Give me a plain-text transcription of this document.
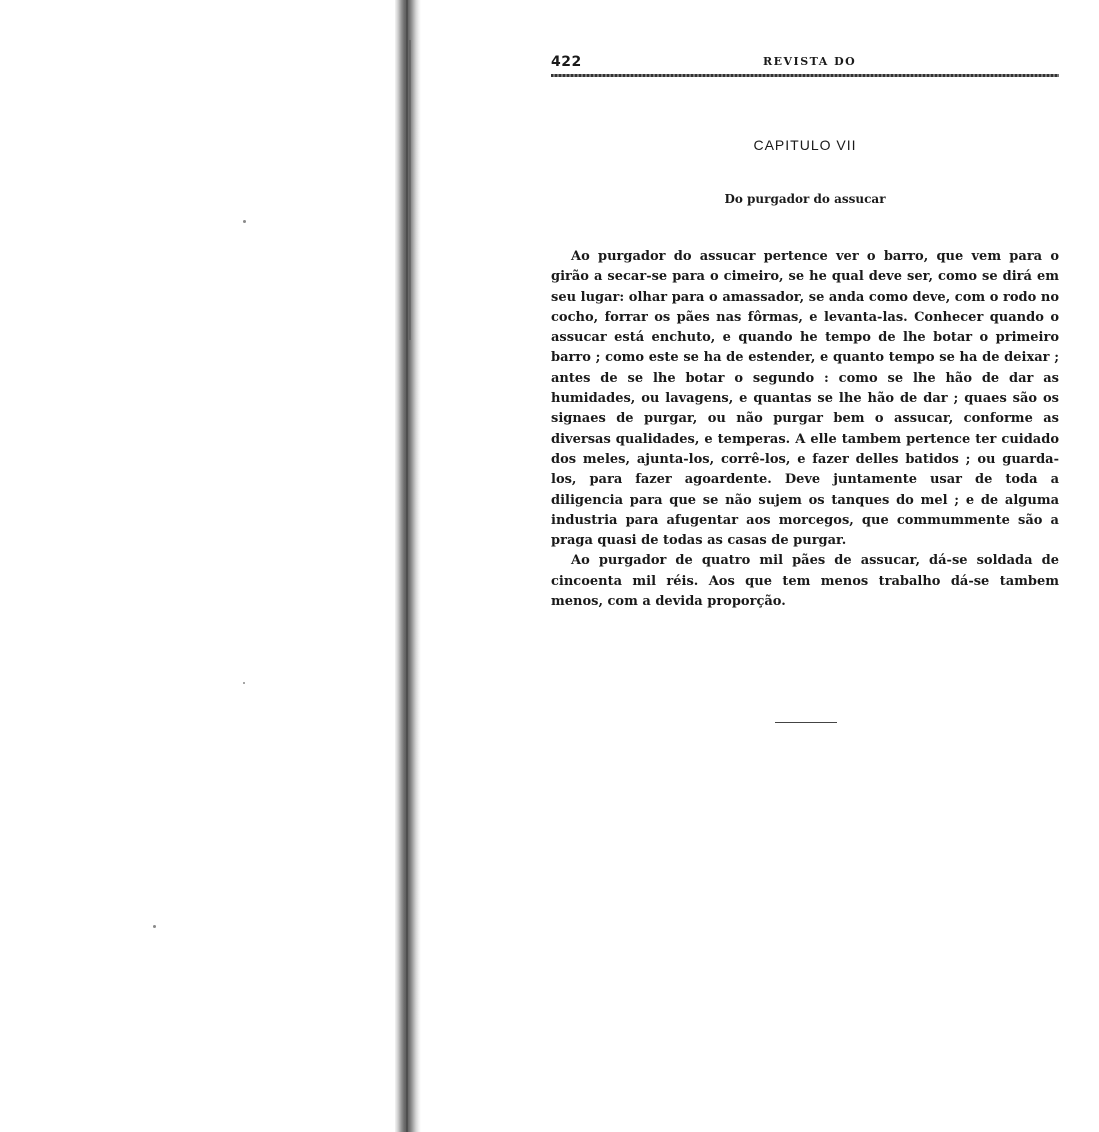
422	REVISTA DO
CAPITULO VII
Do purgador do assucar

Ao purgador do assucar pertence ver o barro, que vem para o girão a secar-se para o cimeiro, se he qual deve ser, como se dirá em seu lugar: olhar para o amassador, se anda como deve, com o rodo no cocho, forrar os pães nas fôrmas, e levanta-las. Conhecer quando o assucar está enchuto, e quando he tempo de lhe botar o primeiro barro ; como este se ha de estender, e quanto tempo se ha de deixar ; antes de se lhe botar o segundo : como se lhe hão de dar as humidades, ou lavagens, e quantas se lhe hão de dar ; quaes são os signaes de purgar, ou não purgar bem o assucar, conforme as diversas qualidades, e temperas. A elle tambem pertence ter cuidado dos meles, ajunta-los, corrê-los, e fazer delles batidos ; ou guarda-los, para fazer agoardente. Deve juntamente usar de toda a diligencia para que se não sujem os tanques do mel ; e de alguma industria para afugentar aos morcegos, que commummente são a praga quasi de todas as casas de purgar.

Ao purgador de quatro mil pães de assucar, dá-se soldada de cincoenta mil réis. Aos que tem menos trabalho dá-se tambem menos, com a devida proporção.
